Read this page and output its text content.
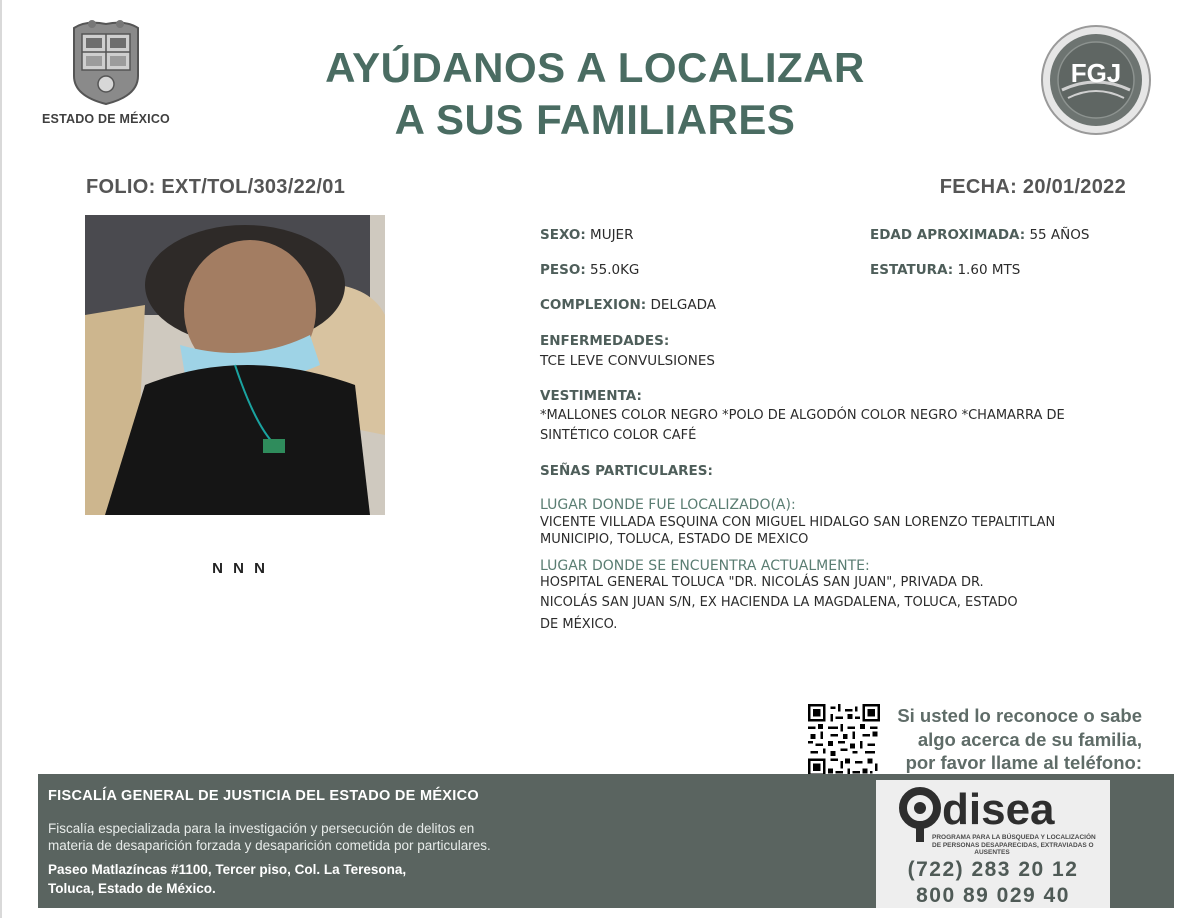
ESTADO DE MÉXICO
AYÚDANOS A LOCALIZAR
A SUS FAMILIARES
FGJ
FOLIO: EXT/TOL/303/22/01	FECHA: 20/01/2022
N N N
SEXO: MUJER	EDAD APROXIMADA: 55 AÑOS
PESO: 55.0KG	ESTATURA: 1.60 MTS
COMPLEXION: DELGADA
ENFERMEDADES:
TCE LEVE CONVULSIONES
VESTIMENTA:
*MALLONES COLOR NEGRO *POLO DE ALGODÓN COLOR NEGRO *CHAMARRA DE
SINTÉTICO COLOR CAFÉ
SEÑAS PARTICULARES:
LUGAR DONDE FUE LOCALIZADO(A):
VICENTE VILLADA ESQUINA CON MIGUEL HIDALGO SAN LORENZO TEPALTITLAN
MUNICIPIO, TOLUCA, ESTADO DE MEXICO
LUGAR DONDE SE ENCUENTRA ACTUALMENTE:
HOSPITAL GENERAL TOLUCA "DR. NICOLÁS SAN JUAN", PRIVADA DR.
NICOLÁS SAN JUAN S/N, EX HACIENDA LA MAGDALENA, TOLUCA, ESTADO
DE MÉXICO.
Si usted lo reconoce o sabe
algo acerca de su familia,
por favor llame al teléfono:
FISCALÍA GENERAL DE JUSTICIA DEL ESTADO DE MÉXICO
Fiscalía especializada para la investigación y persecución de delitos en
materia de desaparición forzada y desaparición cometida por particulares.
Paseo Matlazíncas #1100, Tercer piso, Col. La Teresona,
Toluca, Estado de México.
disea
PROGRAMA PARA LA BÚSQUEDA Y LOCALIZACIÓN
DE PERSONAS DESAPARECIDAS, EXTRAVIADAS O
AUSENTES
(722) 283 20 12
800 89 029 40
